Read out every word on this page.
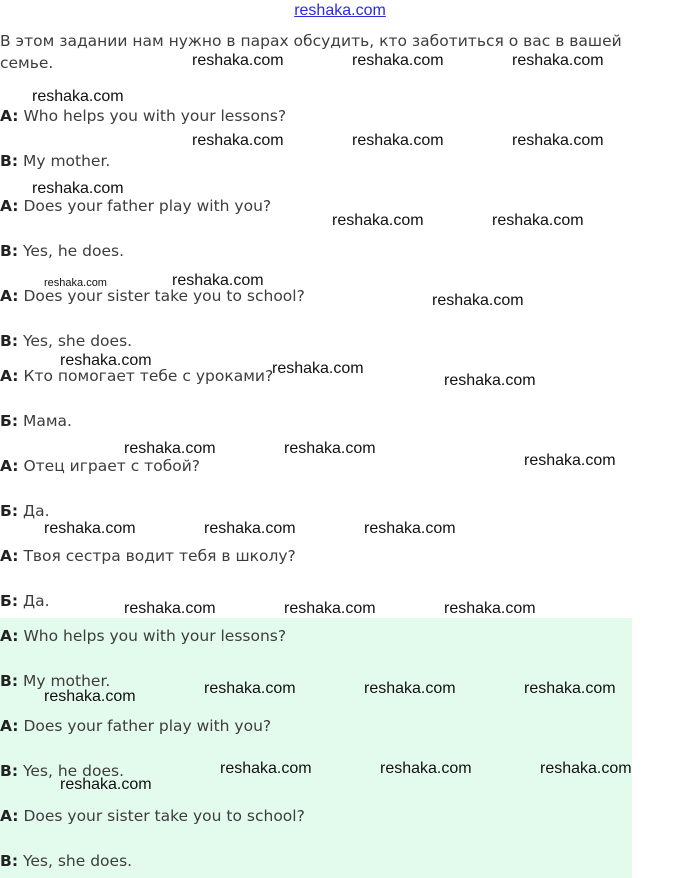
reshaka.com
В этом задании нам нужно в парах обсудить, кто заботиться о вас в вашей семье.
A: Who helps you with your lessons?
B: My mother.
A: Does your father play with you?
B: Yes, he does.
A: Does your sister take you to school?
B: Yes, she does.
A: Кто помогает тебе с уроками?
Б: Мама.
A: Отец играет с тобой?
Б: Да.
A: Твоя сестра водит тебя в школу?
Б: Да.
A: Who helps you with your lessons?
B: My mother.
A: Does your father play with you?
B: Yes, he does.
A: Does your sister take you to school?
B: Yes, she does.
reshaka.com	reshaka.com	reshaka.com
reshaka.com
reshaka.com	reshaka.com	reshaka.com
reshaka.com
reshaka.com	reshaka.com
reshaka.com	reshaka.com
reshaka.com
reshaka.com	reshaka.com
reshaka.com
reshaka.com	reshaka.com
reshaka.com
reshaka.com	reshaka.com	reshaka.com
reshaka.com	reshaka.com	reshaka.com
reshaka.com	reshaka.com	reshaka.com	reshaka.com
reshaka.com	reshaka.com	reshaka.com
reshaka.com
